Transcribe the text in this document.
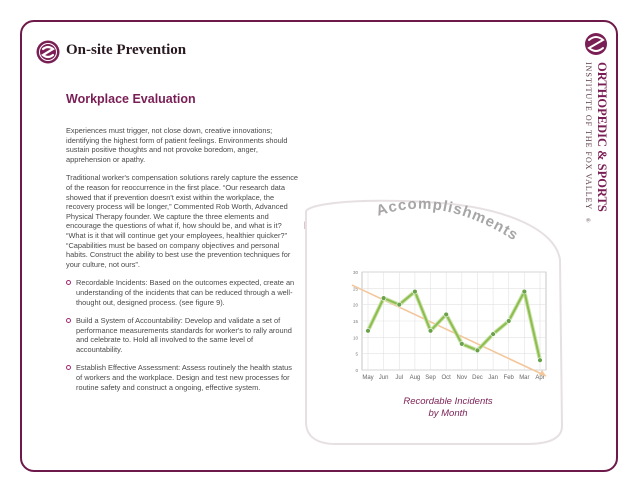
On-site Prevention
Workplace Evaluation

Experiences must trigger, not close down, creative innovations; identifying the highest form of patient feelings. Environments should sustain positive thoughts and not provoke boredom, anger, apprehension or apathy.

Traditional worker's compensation solutions rarely capture the essence of the reason for reoccurrence in the first place. “Our research data showed that if prevention doesn't exist within the workplace, the recovery process will be longer,” Commented Rob Worth, Advanced Physical Therapy founder. We capture the three elements and encourage the questions of what if, how should be, and what is it? “What is it that will continue get your employees, healthier quicker?” “Capabilities must be based on company objectives and personal habits. Construct the ability to best use the prevention techniques for your culture, not ours”.

Recordable Incidents: Based on the outcomes expected, create an understanding of the incidents that can be reduced through a well-thought out, designed process. (see figure 9).

Build a System of Accountability: Develop and validate a set of performance measurements standards for worker's to rally around and celebrate to. Hold all involved to the same level of accountability.

Establish Effective Assessment: Assess routinely the health status of workers and the workplace. Design and test new processes for routine safety and construct a ongoing, effective system.

ORTHOPEDIC & SPORTS
INSTITUTE OF THE FOX VALLEY
®
Accomplishments
0
5
10
15
20
25
30
May Jun Jul Aug Sep Oct Nov Dec Jan Feb Mar Apr
Recordable Incidents
by Month
